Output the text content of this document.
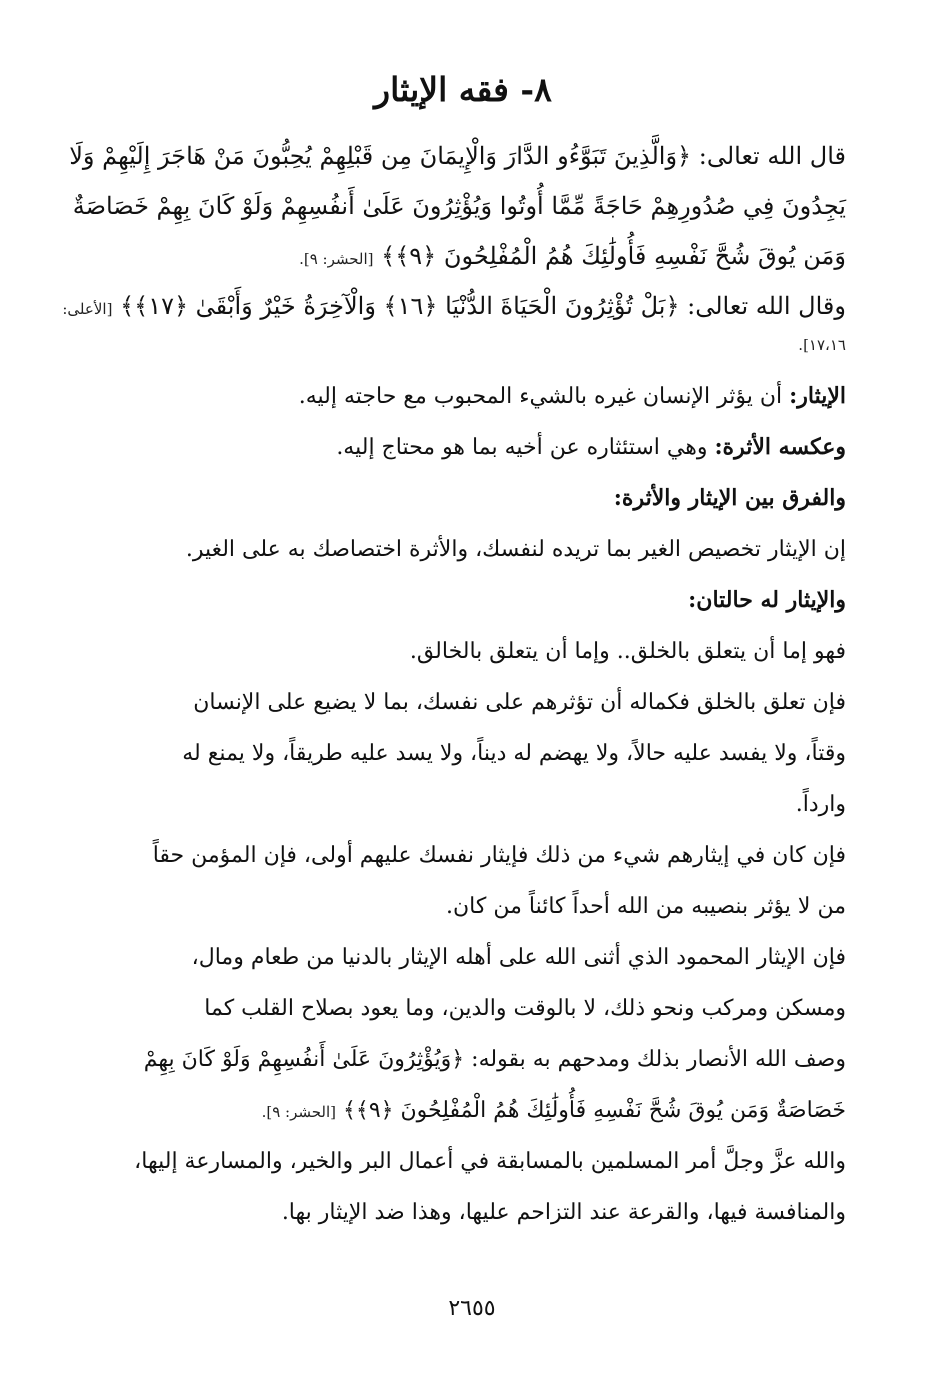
٨- فقه الإيثار
قال الله تعالى: ﴿وَالَّذِينَ تَبَوَّءُو الدَّارَ وَالْإِيمَانَ مِن قَبْلِهِمْ يُحِبُّونَ مَنْ هَاجَرَ إِلَيْهِمْ وَلَا
يَجِدُونَ فِي صُدُورِهِمْ حَاجَةً مِّمَّا أُوتُوا وَيُؤْثِرُونَ عَلَىٰ أَنفُسِهِمْ وَلَوْ كَانَ بِهِمْ خَصَاصَةٌ
وَمَن يُوقَ شُحَّ نَفْسِهِ فَأُولَٰئِكَ هُمُ الْمُفْلِحُونَ ﴿٩﴾﴾ [الحشر: ٩].
وقال الله تعالى: ﴿بَلْ تُؤْثِرُونَ الْحَيَاةَ الدُّنْيَا ﴿١٦﴾ وَالْآخِرَةُ خَيْرٌ وَأَبْقَىٰ ﴿١٧﴾﴾ [الأعلى:
١٧،١٦].

الإيثار: أن يؤثر الإنسان غيره بالشيء المحبوب مع حاجته إليه.

وعكسه الأثرة: وهي استئثاره عن أخيه بما هو محتاج إليه.

والفرق بين الإيثار والأثرة:

إن الإيثار تخصيص الغير بما تريده لنفسك، والأثرة اختصاصك به على الغير.

والإيثار له حالتان:

فهو إما أن يتعلق بالخلق.. وإما أن يتعلق بالخالق.

فإن تعلق بالخلق فكماله أن تؤثرهم على نفسك، بما لا يضيع على الإنسان
وقتاً، ولا يفسد عليه حالاً، ولا يهضم له ديناً، ولا يسد عليه طريقاً، ولا يمنع له
وارداً.

فإن كان في إيثارهم شيء من ذلك فإيثار نفسك عليهم أولى، فإن المؤمن حقاً
من لا يؤثر بنصيبه من الله أحداً كائناً من كان.

فإن الإيثار المحمود الذي أثنى الله على أهله الإيثار بالدنيا من طعام ومال،
ومسكن ومركب ونحو ذلك، لا بالوقت والدين، وما يعود بصلاح القلب كما
وصف الله الأنصار بذلك ومدحهم به بقوله: ﴿وَيُؤْثِرُونَ عَلَىٰ أَنفُسِهِمْ وَلَوْ كَانَ بِهِمْ
خَصَاصَةٌ وَمَن يُوقَ شُحَّ نَفْسِهِ فَأُولَٰئِكَ هُمُ الْمُفْلِحُونَ ﴿٩﴾﴾ [الحشر: ٩].

والله عزَّ وجلَّ أمر المسلمين بالمسابقة في أعمال البر والخير، والمسارعة إليها،
والمنافسة فيها، والقرعة عند التزاحم عليها، وهذا ضد الإيثار بها.

٢٦٥٥
